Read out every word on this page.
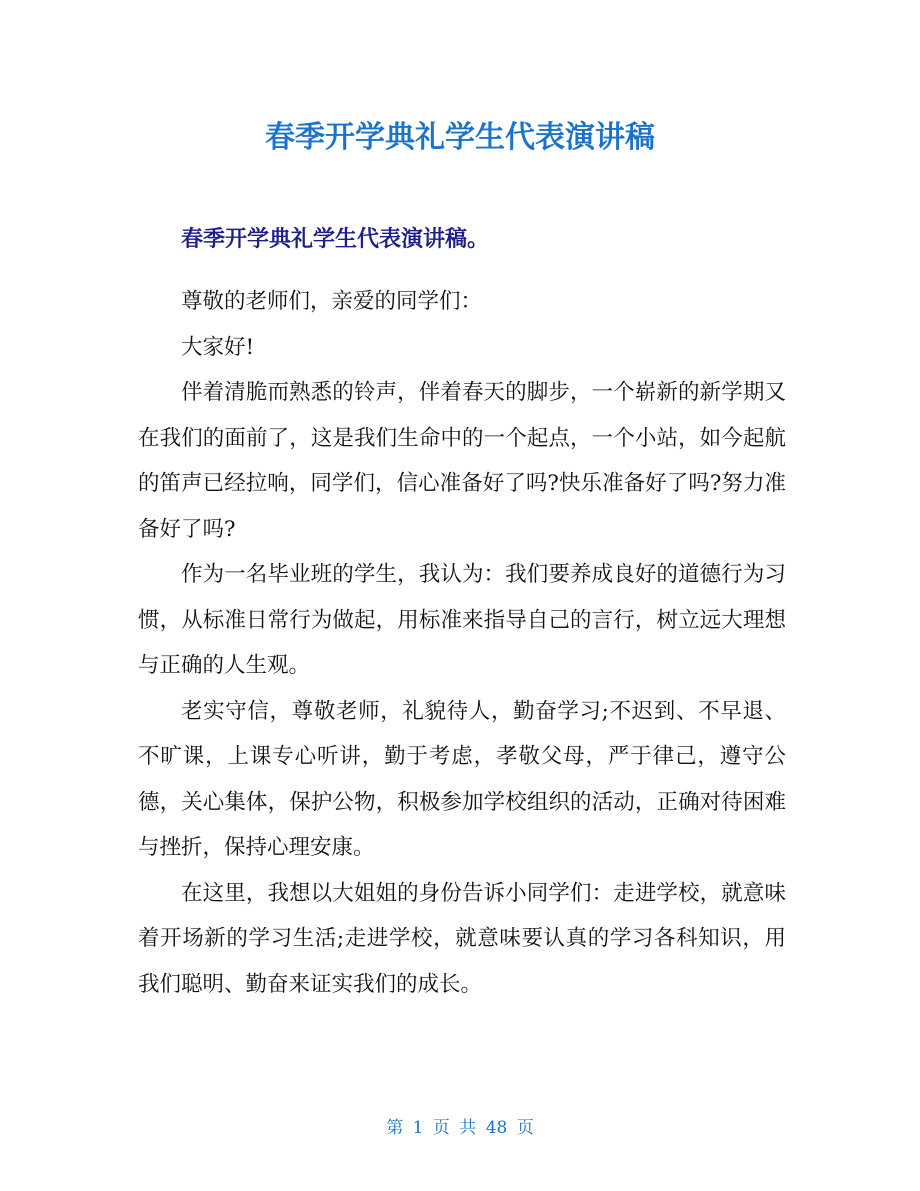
春季开学典礼学生代表演讲稿
春季开学典礼学生代表演讲稿。

尊敬的老师们，亲爱的同学们：

大家好!

伴着清脆而熟悉的铃声，伴着春天的脚步，一个崭新的新学期又在我们的面前了，这是我们生命中的一个起点，一个小站，如今起航的笛声已经拉响，同学们，信心准备好了吗?快乐准备好了吗?努力准备好了吗?

作为一名毕业班的学生，我认为：我们要养成良好的道德行为习惯，从标准日常行为做起，用标准来指导自己的言行，树立远大理想与正确的人生观。

老实守信，尊敬老师，礼貌待人，勤奋学习;不迟到、不早退、不旷课，上课专心听讲，勤于考虑，孝敬父母，严于律己，遵守公德，关心集体，保护公物，积极参加学校组织的活动，正确对待困难与挫折，保持心理安康。

在这里，我想以大姐姐的身份告诉小同学们：走进学校，就意味着开场新的学习生活;走进学校，就意味要认真的学习各科知识，用我们聪明、勤奋来证实我们的成长。

第 1 页 共 48 页
